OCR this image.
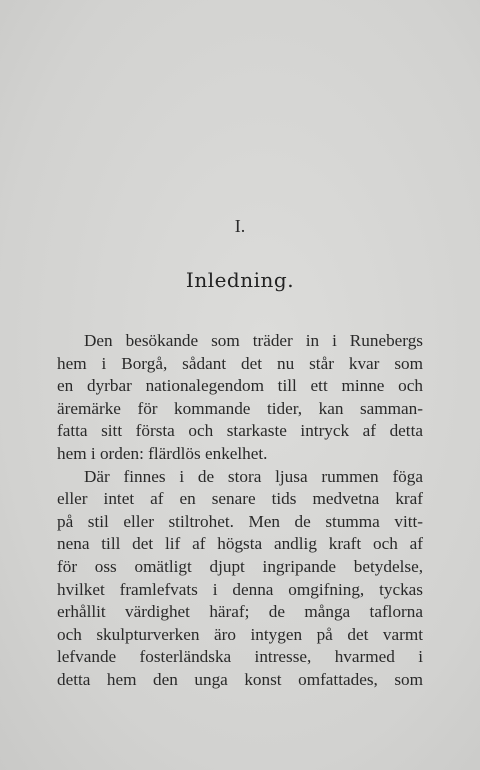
I.
Inledning.
Den besökande som träder in i Runebergs
hem i Borgå, sådant det nu står kvar som
en dyrbar nationalegendom till ett minne och
äremärke för kommande tider, kan samman-
fatta sitt första och starkaste intryck af detta
hem i orden: flärdlös enkelhet.
Där finnes i de stora ljusa rummen föga
eller intet af en senare tids medvetna kraf
på stil eller stiltrohet. Men de stumma vitt-
nena till det lif af högsta andlig kraft och af
för oss omätligt djupt ingripande betydelse,
hvilket framlefvats i denna omgifning, tyckas
erhållit värdighet häraf; de många taflorna
och skulpturverken äro intygen på det varmt
lefvande fosterländska intresse, hvarmed i
detta hem den unga konst omfattades, som
